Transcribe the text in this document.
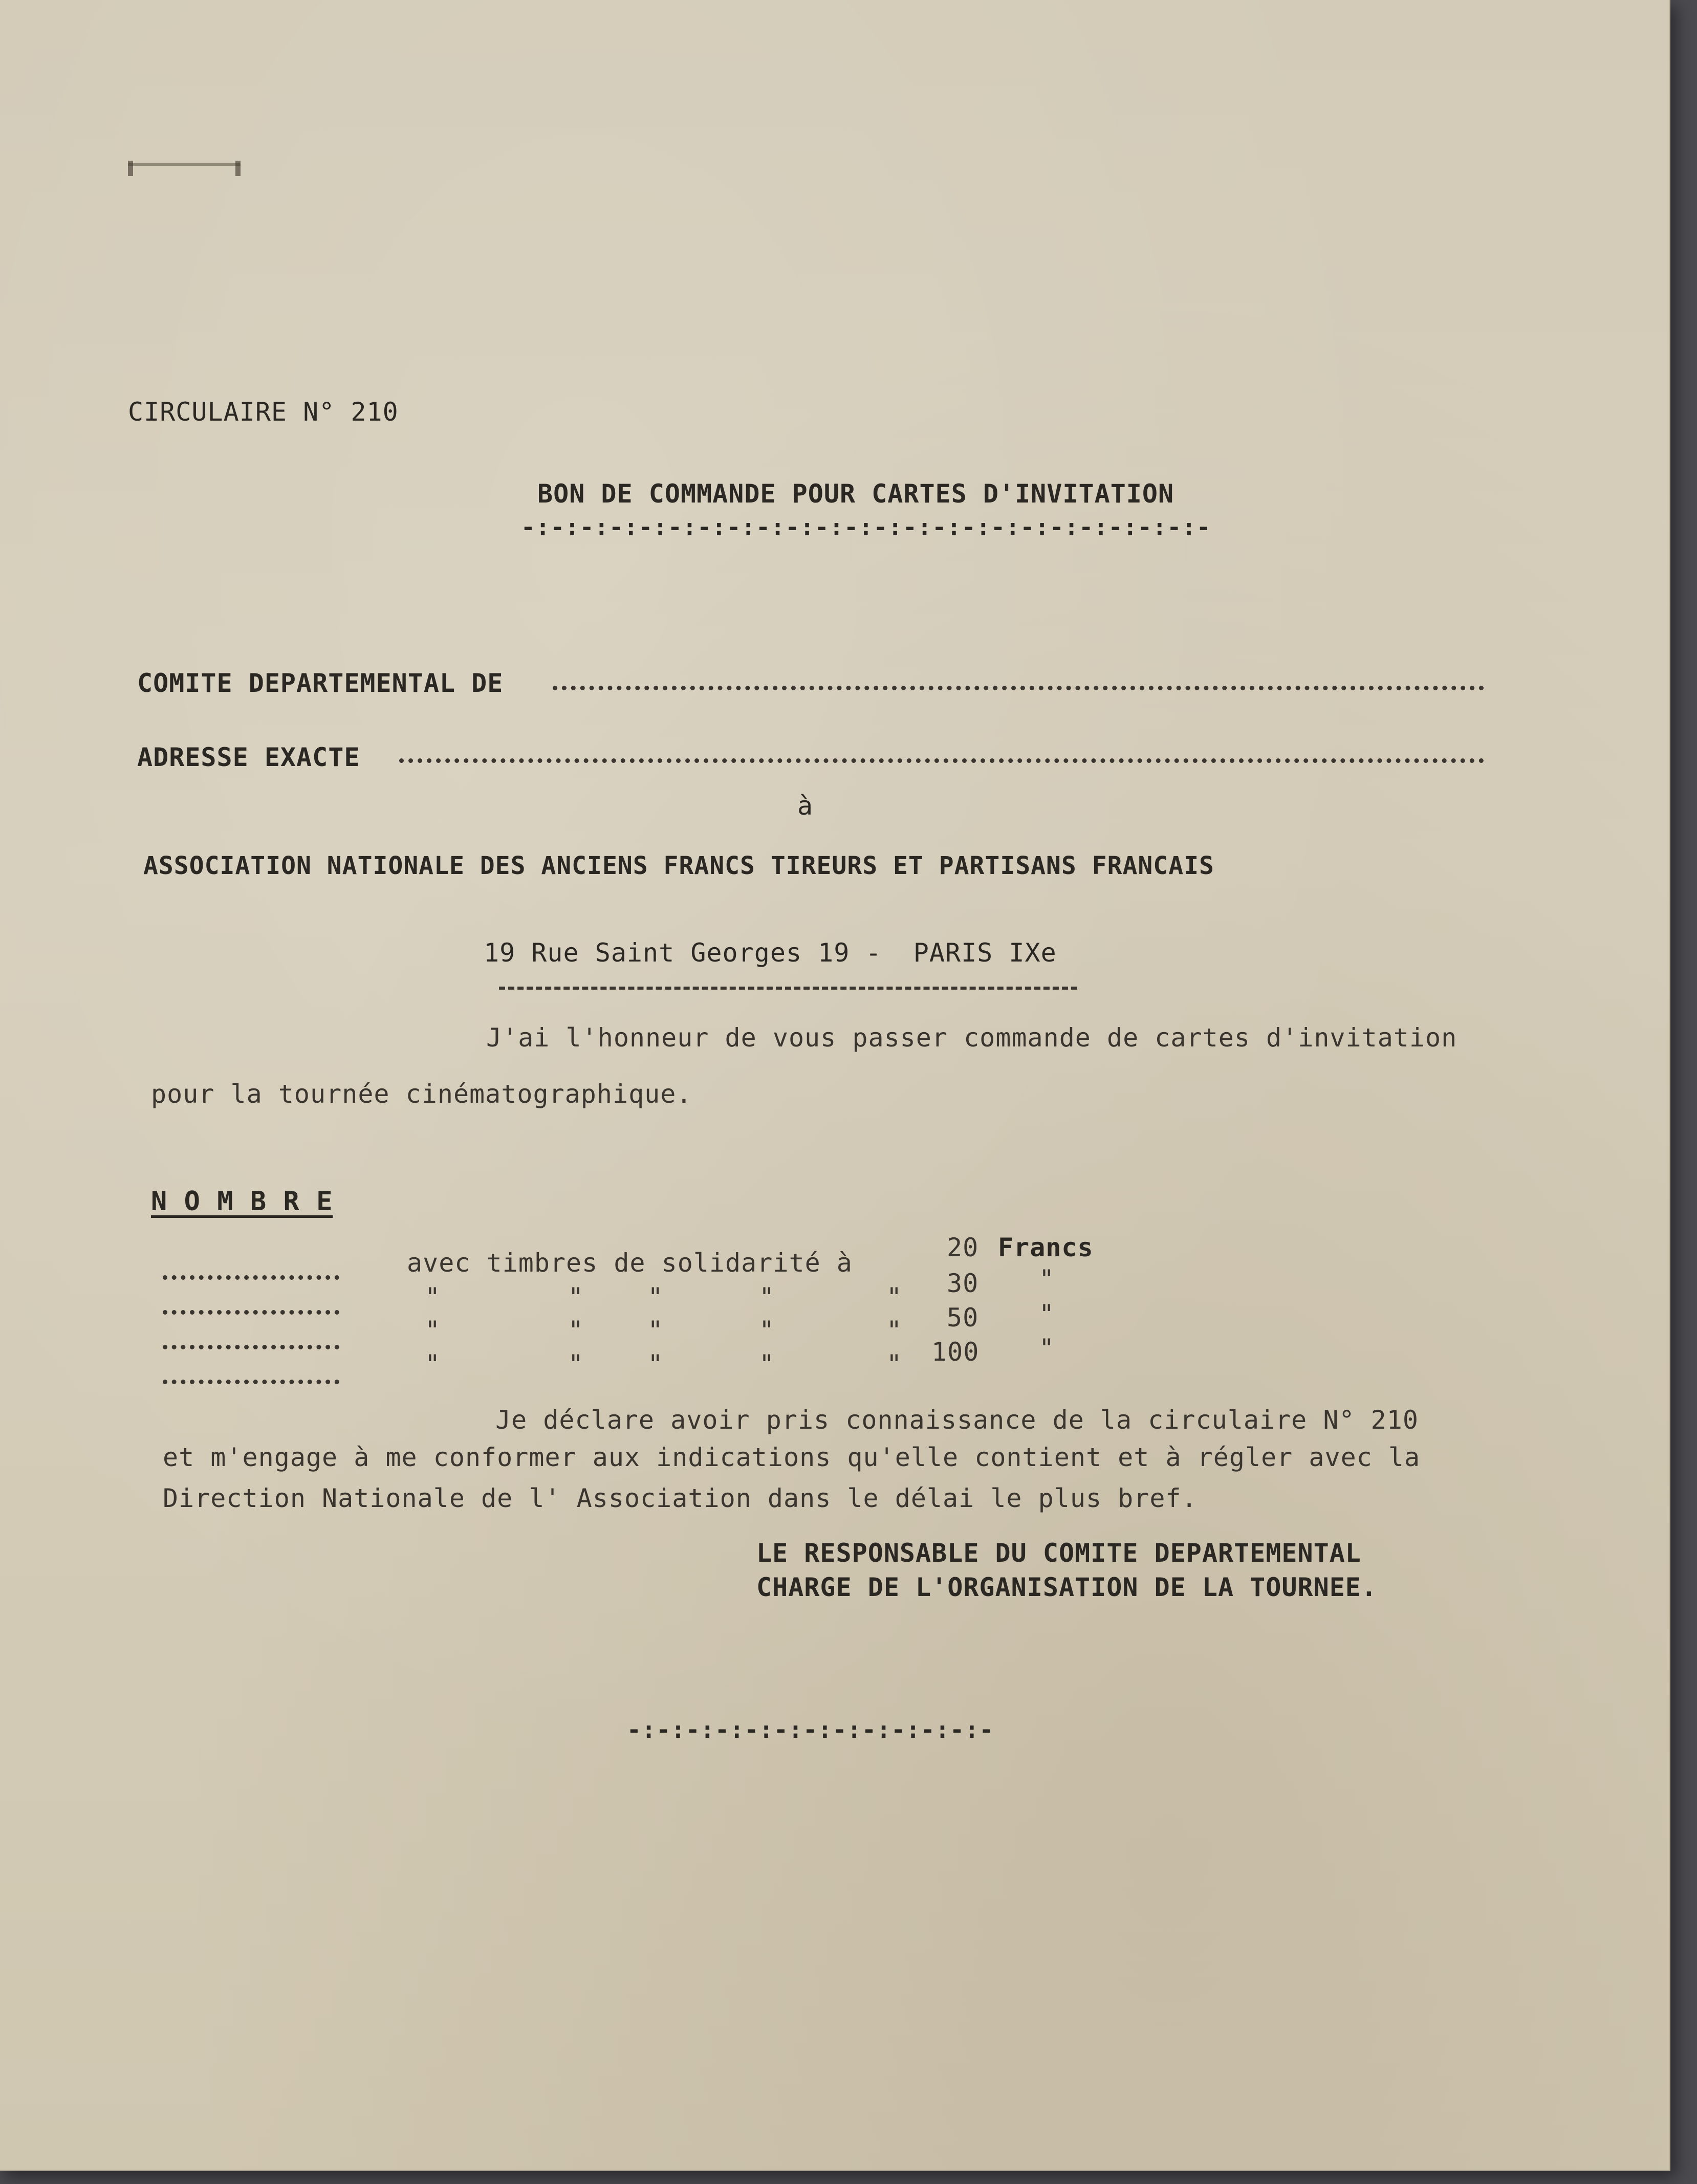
CIRCULAIRE N° 210
BON DE COMMANDE POUR CARTES D'INVITATION
-:-:-:-:-:-:-:-:-:-:-:-:-:-:-:-:-:-:-:-:-:-:-:-
COMITE DEPARTEMENTAL DE
ADRESSE EXACTE
à
ASSOCIATION NATIONALE DES ANCIENS FRANCS TIREURS ET PARTISANS FRANCAIS
19 Rue Saint Georges 19 -  PARIS IXe
J'ai l'honneur de vous passer commande de cartes d'invitation
pour la tournée cinématographique.
N O M B R E
avec timbres de solidarité à
20 Francs
"        "    "      "       " 30 "
"        "    "      "       " 50 "
"        "    "      "       " 100 "
Je déclare avoir pris connaissance de la circulaire N° 210
et m'engage à me conformer aux indications qu'elle contient et à régler avec la
Direction Nationale de l' Association dans le délai le plus bref.
LE RESPONSABLE DU COMITE DEPARTEMENTAL
CHARGE DE L'ORGANISATION DE LA TOURNEE.
-:-:-:-:-:-:-:-:-:-:-:-:-
